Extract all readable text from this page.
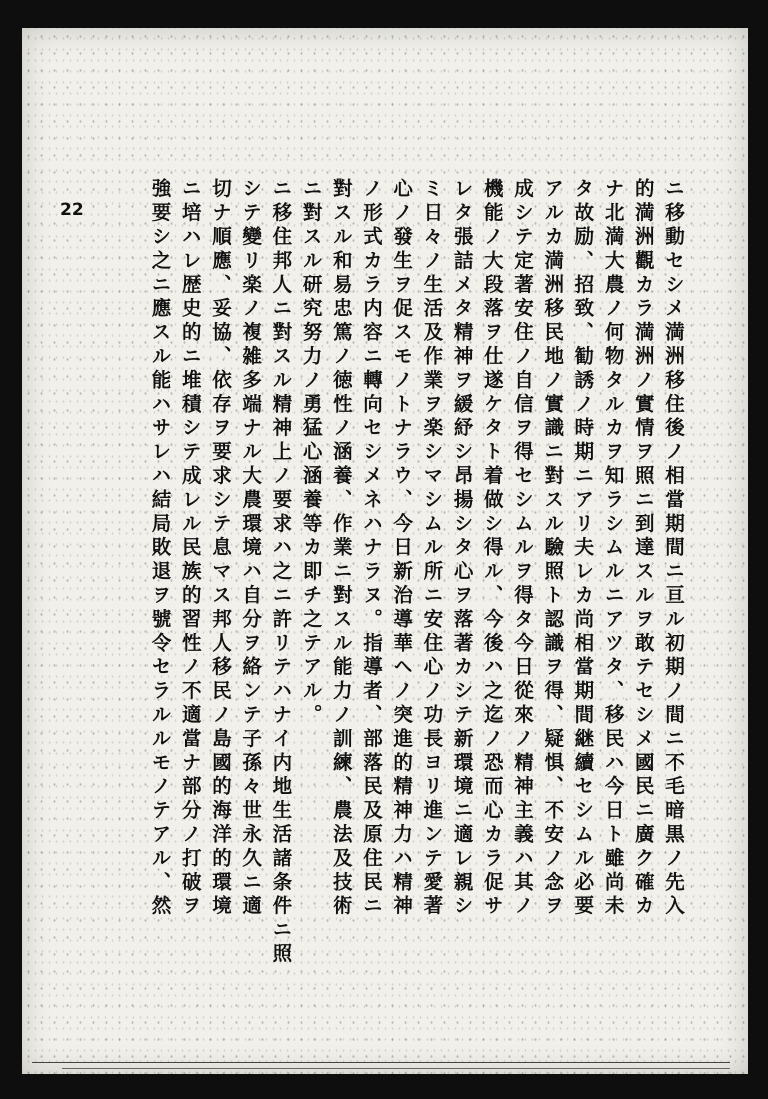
22	ニ移動セシメ満洲移住後ノ相當期間ニ亘ル初期ノ間ニ不毛暗黒ノ先入
的満洲觀カラ満洲ノ實情ヲ照ニ到達スルヲ敢テセシメ國民ニ廣ク確カ
ナ北満大農ノ何物タルカヲ知ラシムルニアツタ、移民ハ今日ト雖尚未
タ故励、招致、勧誘ノ時期ニアリ夫レカ尚相當期間継續セシムル必要
アルカ満洲移民地ノ實識ニ對スル驗照ト認識ヲ得、疑惧、不安ノ念ヲ
成シテ定著安住ノ自信ヲ得セシムルヲ得タ今日從來ノ精神主義ハ其ノ
機能ノ大段落ヲ仕遂ケタト着做シ得ル、今後ハ之迄ノ恐而心カラ促サ
レタ張詰メタ精神ヲ緩紓シ昂揚シタ心ヲ落著カシテ新環境ニ適レ親シ
ミ日々ノ生活及作業ヲ楽シマシムル所ニ安住心ノ功長ヨリ進ンテ愛著
心ノ發生ヲ促スモノトナラウ、今日新治導華ヘノ突進的精神力ハ精神
ノ形式カラ内容ニ轉向セシメネハナラヌ。指導者、部落民及原住民ニ
對スル和易忠篤ノ徳性ノ涵養、作業ニ對スル能力ノ訓練、農法及技術
ニ對スル研究努力ノ勇猛心涵養等カ即チ之テアル。
ニ移住邦人ニ對スル精神上ノ要求ハ之ニ許リテハナイ内地生活諸条件ニ照
シテ變リ楽ノ複雑多端ナル大農環境ハ自分ヲ絡ンテ子孫々世永久ニ適
切ナ順應、妥協、依存ヲ要求シテ息マス邦人移民ノ島國的海洋的環境
ニ培ハレ歴史的ニ堆積シテ成レル民族的習性ノ不適當ナ部分ノ打破ヲ
強要シ之ニ應スル能ハサレハ結局敗退ヲ號令セラルルモノテアル、然
